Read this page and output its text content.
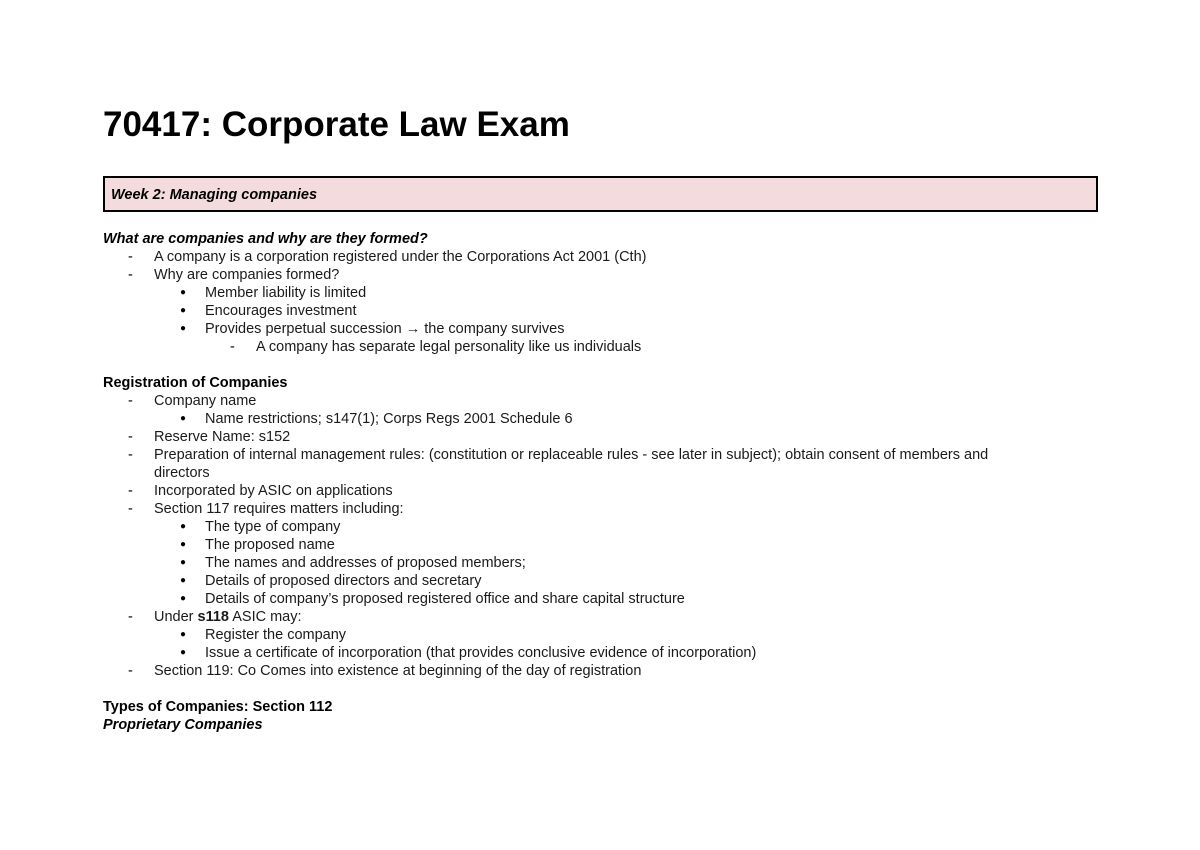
70417: Corporate Law Exam
Week 2: Managing companies
What are companies and why are they formed?
-	A company is a corporation registered under the Corporations Act 2001 (Cth)
-	Why are companies formed?
●	Member liability is limited
●	Encourages investment
●	Provides perpetual succession → the company survives
-	A company has separate legal personality like us individuals
Registration of Companies
-	Company name
●	Name restrictions; s147(1); Corps Regs 2001 Schedule 6
-	Reserve Name: s152
-	Preparation of internal management rules: (constitution or replaceable rules - see later in subject); obtain consent of members and
directors
-	Incorporated by ASIC on applications
-	Section 117 requires matters including:
●	The type of company
●	The proposed name
●	The names and addresses of proposed members;
●	Details of proposed directors and secretary
●	Details of company’s proposed registered office and share capital structure
-	Under s118 ASIC may:
●	Register the company
●	Issue a certificate of incorporation (that provides conclusive evidence of incorporation)
-	Section 119: Co Comes into existence at beginning of the day of registration
Types of Companies: Section 112
Proprietary Companies
